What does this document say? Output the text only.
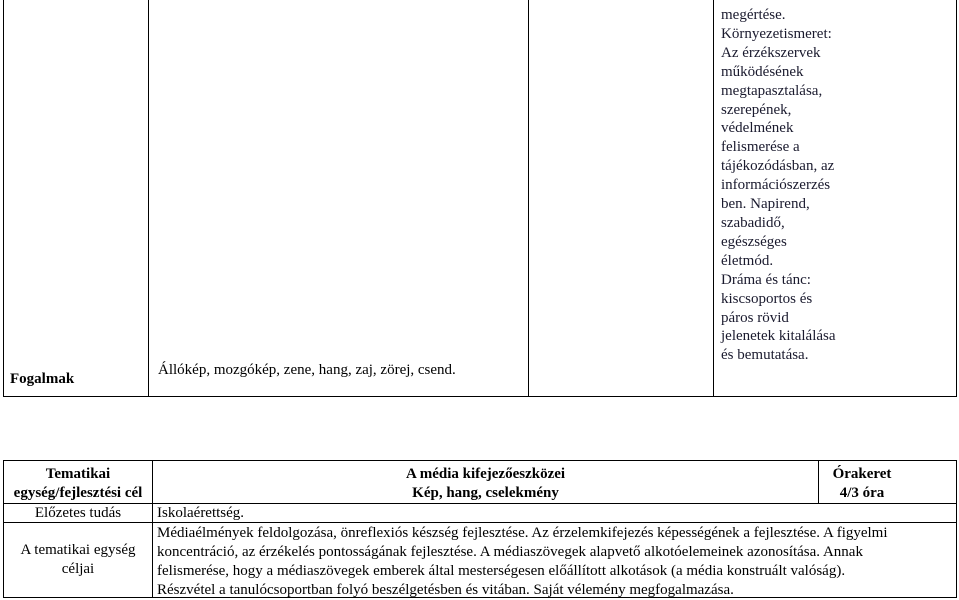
megértése.
Környezetismeret:
Az érzékszervek
működésének
megtapasztalása,
szerepének,
védelmének
felismerése a
tájékozódásban, az
információszerzés
ben. Napirend,
szabadidő,
egészséges
életmód.
Dráma és tánc:
kiscsoportos és
páros rövid
jelenetek kitalálása
és bemutatása.
Fogalmak
Állókép, mozgókép, zene, hang, zaj, zörej, csend.
Tematikai
egység/fejlesztési cél
A média kifejezőeszközei
Kép, hang, cselekmény
Órakeret
4/3 óra
Előzetes tudás	Iskolaérettség.
A tematikai egység
céljai
Médiaélmények feldolgozása, önreflexiós készség fejlesztése. Az érzelemkifejezés képességének a fejlesztése. A figyelmi
koncentráció, az érzékelés pontosságának fejlesztése. A médiaszövegek alapvető alkotóelemeinek azonosítása. Annak
felismerése, hogy a médiaszövegek emberek által mesterségesen előállított alkotások (a média konstruált valóság).
Részvétel a tanulócsoportban folyó beszélgetésben és vitában. Saját vélemény megfogalmazása.
